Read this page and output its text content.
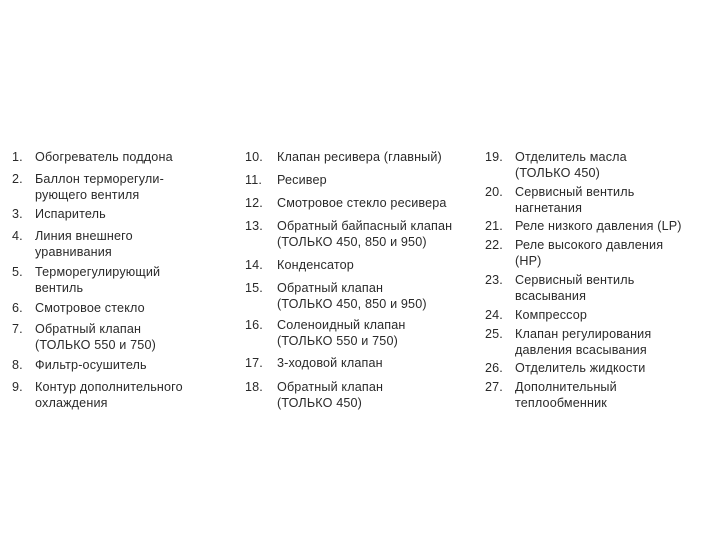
1. Обогреватель поддона
2. Баллон терморегули-
рующего вентиля
3. Испаритель
4. Линия внешнего
уравнивания
5. Терморегулирующий
вентиль
6. Смотровое стекло
7. Обратный клапан
(ТОЛЬКО 550 и 750)
8. Фильтр-осушитель
9. Контур дополнительного
охлаждения
10. Клапан ресивера (главный)
11. Ресивер
12. Смотровое стекло ресивера
13. Обратный байпасный клапан
(ТОЛЬКО 450, 850 и 950)
14. Конденсатор
15. Обратный клапан
(ТОЛЬКО 450, 850 и 950)
16. Соленоидный клапан
(ТОЛЬКО 550 и 750)
17. 3-ходовой клапан
18. Обратный клапан
(ТОЛЬКО 450)
19. Отделитель масла
(ТОЛЬКО 450)
20. Сервисный вентиль
нагнетания
21. Реле низкого давления (LP)
22. Реле высокого давления
(HP)
23. Сервисный вентиль
всасывания
24. Компрессор
25. Клапан регулирования
давления всасывания
26. Отделитель жидкости
27. Дополнительный
теплообменник
